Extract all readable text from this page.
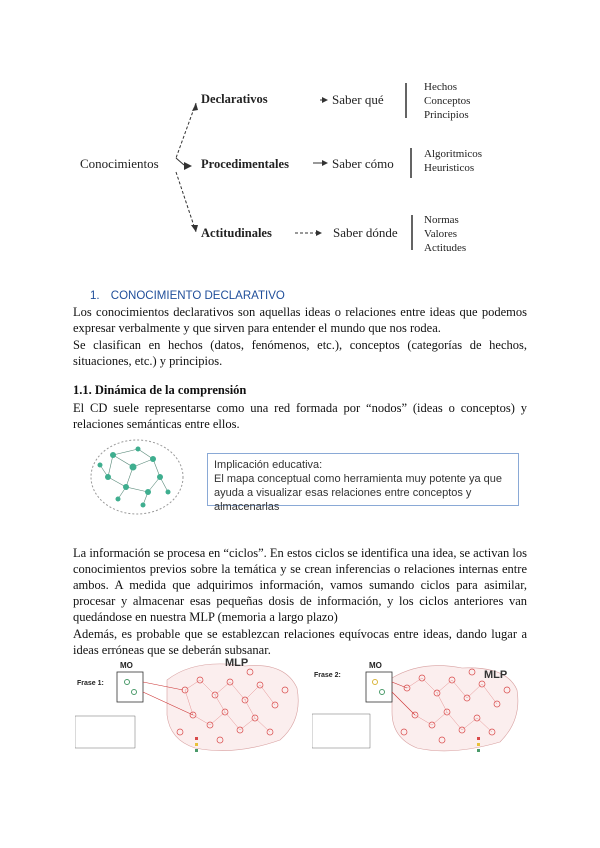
Conocimientos
Declarativos
Procedimentales
Actitudinales
Saber qué
Saber cómo
Saber dónde
Hechos
Conceptos
Principios
Algoritmicos
Heuristicos
Normas
Valores
Actitudes
1. CONOCIMIENTO DECLARATIVO
Los conocimientos declarativos son aquellas ideas o relaciones entre ideas que podemos expresar verbalmente y que sirven para entender el mundo que nos rodea.
Se clasifican en hechos (datos, fenómenos, etc.), conceptos (categorías de hechos, situaciones, etc.) y principios.
1.1. Dinámica de la comprensión
El CD suele representarse como una red formada por “nodos” (ideas o conceptos) y relaciones semánticas entre ellos.
Implicación educativa:
El mapa conceptual como herramienta muy potente ya que ayuda a visualizar esas relaciones entre conceptos y almacenarlas
La información se procesa en “ciclos”. En estos ciclos se identifica una idea, se activan los conocimientos previos sobre la temática y se crean inferencias o relaciones internas entre ambos. A medida que adquirimos información, vamos sumando ciclos para asimilar, procesar y almacenar esas pequeñas dosis de información, y los ciclos anteriores van quedándose en nuestra MLP (memoria a largo plazo)
Además, es probable que se establezcan relaciones equívocas entre ideas, dando lugar a ideas erróneas que se deberán subsanar.
MO	MLP
Frase 1:
MO
MLP
Frase 2:
